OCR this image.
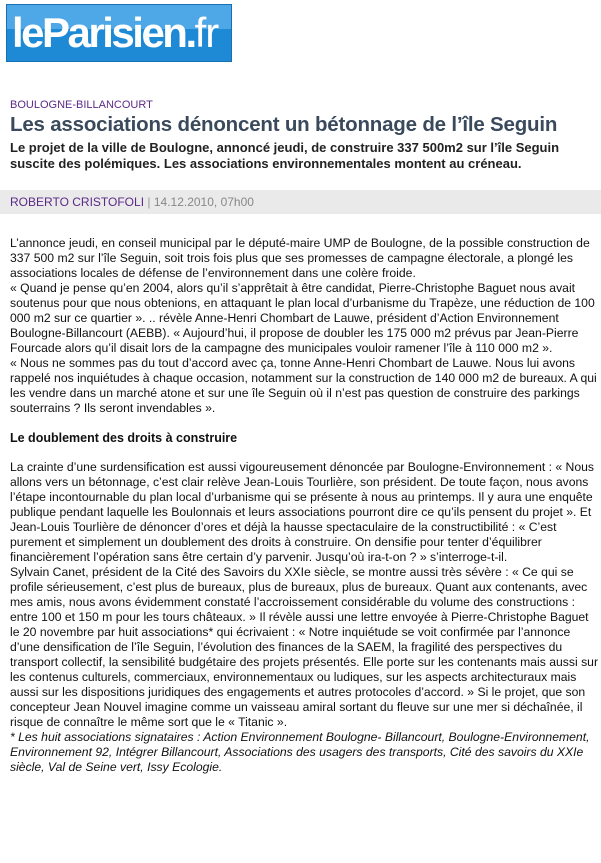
leParisien.fr
BOULOGNE-BILLANCOURT
Les associations dénoncent un bétonnage de l’île Seguin
Le projet de la ville de Boulogne, annoncé jeudi, de construire 337 500m2 sur l’île Seguin suscite des polémiques. Les associations environnementales montent au créneau.
ROBERTO CRISTOFOLI | 14.12.2010, 07h00

L’annonce jeudi, en conseil municipal par le député-maire UMP de Boulogne, de la possible construction de 337 500 m2 sur l’île Seguin, soit trois fois plus que ses promesses de campagne électorale, a plongé les associations locales de défense de l’environnement dans une colère froide.

« Quand je pense qu’en 2004, alors qu’il s’apprêtait à être candidat, Pierre-Christophe Baguet nous avait soutenus pour que nous obtenions, en attaquant le plan local d’urbanisme du Trapèze, une réduction de 100 000 m2 sur ce quartier ». .. révèle Anne-Henri Chombart de Lauwe, président d’Action Environnement Boulogne-Billancourt (AEBB). « Aujourd’hui, il propose de doubler les 175 000 m2 prévus par Jean-Pierre Fourcade alors qu’il disait lors de la campagne des municipales vouloir ramener l’île à 110 000 m2 ».

« Nous ne sommes pas du tout d’accord avec ça, tonne Anne-Henri Chombart de Lauwe. Nous lui avons rappelé nos inquiétudes à chaque occasion, notamment sur la construction de 140 000 m2 de bureaux. A qui les vendre dans un marché atone et sur une île Seguin où il n’est pas question de construire des parkings souterrains ? Ils seront invendables ».

Le doublement des droits à construire

La crainte d’une surdensification est aussi vigoureusement dénoncée par Boulogne-Environnement : « Nous allons vers un bétonnage, c’est clair relève Jean-Louis Tourlière, son président. De toute façon, nous avons l’étape incontournable du plan local d’urbanisme qui se présente à nous au printemps. Il y aura une enquête publique pendant laquelle les Boulonnais et leurs associations pourront dire ce qu’ils pensent du projet ». Et Jean-Louis Tourlière de dénoncer d’ores et déjà la hausse spectaculaire de la constructibilité : « C’est purement et simplement un doublement des droits à construire. On densifie pour tenter d’équilibrer financièrement l’opération sans être certain d’y parvenir. Jusqu’où ira-t-on ? » s’interroge-t-il.

Sylvain Canet, président de la Cité des Savoirs du XXIe siècle, se montre aussi très sévère : « Ce qui se profile sérieusement, c’est plus de bureaux, plus de bureaux, plus de bureaux. Quant aux contenants, avec mes amis, nous avons évidemment constaté l’accroissement considérable du volume des constructions : entre 100 et 150 m pour les tours châteaux. » Il révèle aussi une lettre envoyée à Pierre-Christophe Baguet le 20 novembre par huit associations* qui écrivaient : « Notre inquiétude se voit confirmée par l’annonce d’une densification de l’île Seguin, l’évolution des finances de la SAEM, la fragilité des perspectives du transport collectif, la sensibilité budgétaire des projets présentés. Elle porte sur les contenants mais aussi sur les contenus culturels, commerciaux, environnementaux ou ludiques, sur les aspects architecturaux mais aussi sur les dispositions juridiques des engagements et autres protocoles d’accord. » Si le projet, que son concepteur Jean Nouvel imagine comme un vaisseau amiral sortant du fleuve sur une mer si déchaînée, il risque de connaître le même sort que le « Titanic ».

* Les huit associations signataires : Action Environnement Boulogne- Billancourt, Boulogne-Environnement, Environnement 92, Intégrer Billancourt, Associations des usagers des transports, Cité des savoirs du XXIe siècle, Val de Seine vert, Issy Ecologie.
